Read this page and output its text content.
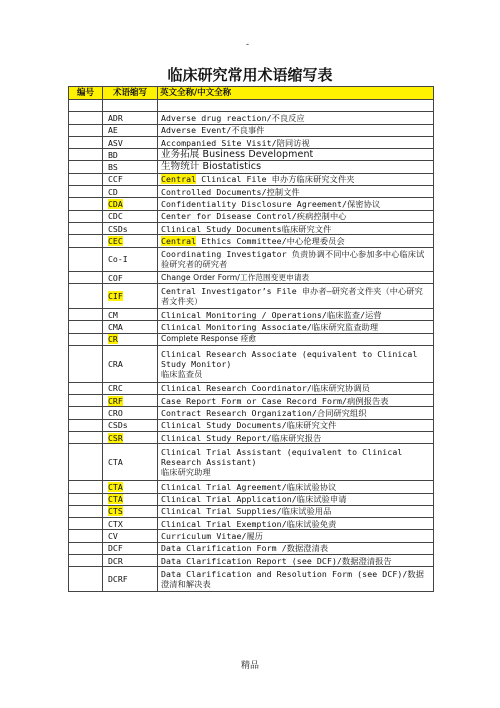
-
临床研究常用术语缩写表
编号	术语缩写	英文全称/中文全称

	ADR	Adverse drug reaction/不良反应
	AE	Adverse Event/不良事件
	ASV	Accompanied Site Visit/陪同访视
	BD	业务拓展 Business Development
	BS	生物统计 Biostatistics
	CCF	Central Clinical File 申办方临床研究文件夹
	CD	Controlled Documents/控制文件
	CDA	Confidentiality Disclosure Agreement/保密协议
	CDC	Center for Disease Control/疾病控制中心
	CSDs	Clinical Study Documents临床研究文件
	CEC	Central Ethics Committee/中心伦理委员会
	Co-I	Coordinating Investigator 负责协调不同中心参加多中心临床试验研究者的研究者
	COF	Change Order Form/工作范围变更申请表
	CIF	Central Investigator’s File 申办者—研究者文件夹（中心研究者文件夹）
	CM	Clinical Monitoring / Operations/临床监查/运营
	CMA	Clinical Monitoring Associate/临床研究监查助理
	CR	Complete Response 痊愈
	CRA	Clinical Research Associate (equivalent to Clinical Study Monitor)
临床监查员
	CRC	Clinical Research Coordinator/临床研究协调员
	CRF	Case Report Form or Case Record Form/病例报告表
	CRO	Contract Research Organization/合同研究组织
	CSDs	Clinical Study Documents/临床研究文件
	CSR	Clinical Study Report/临床研究报告
	CTA	Clinical Trial Assistant (equivalent to Clinical Research Assistant)
临床研究助理
	CTA	Clinical Trial Agreement/临床试验协议
	CTA	Clinical Trial Application/临床试验申请
	CTS	Clinical Trial Supplies/临床试验用品
	CTX	Clinical Trial Exemption/临床试验免责
	CV	Curriculum Vitae/履历
	DCF	Data Clarification Form /数据澄清表
	DCR	Data Clarification Report (see DCF)/数据澄清报告
	DCRF	Data Clarification and Resolution Form (see DCF)/数据澄清和解决表
精品
